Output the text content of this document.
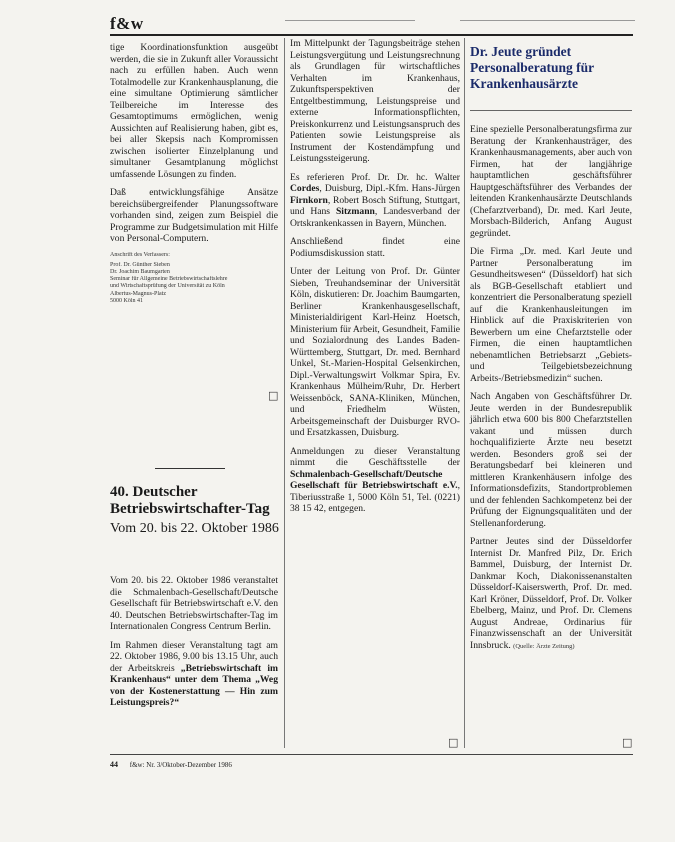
f&w

tige Koordinationsfunktion ausgeübt werden, die sie in Zukunft aller Voraussicht nach zu erfüllen haben. Auch wenn Totalmodelle zur Krankenhausplanung, die eine simultane Optimierung sämtlicher Teilbereiche im Interesse des Gesamtoptimums ermöglichen, wenig Aussichten auf Realisierung haben, gibt es, bei aller Skepsis nach Kompromissen zwischen isolierter Einzelplanung und simultaner Gesamtplanung möglichst umfassende Lösungen zu finden.

Daß entwicklungsfähige Ansätze bereichsübergreifender Planungssoftware vorhanden sind, zeigen zum Beispiel die Programme zur Budgetsimulation mit Hilfe von Personal-Computern.

Anschrift des Verfassers:
Prof. Dr. Günther Sieben
Dr. Joachim Baumgarten
Seminar für Allgemeine Betriebswirtschaftslehre
und Wirtschaftsprüfung der Universität zu Köln
Albertus-Magnus-Platz
5000 Köln 41
□
40. Deutscher Betriebswirtschafter-Tag
Vom 20. bis 22. Oktober 1986

Vom 20. bis 22. Oktober 1986 veranstaltet die Schmalenbach-Gesellschaft/Deutsche Gesellschaft für Betriebswirtschaft e.V. den 40. Deutschen Betriebswirtschafter-Tag im Internationalen Congress Centrum Berlin.

Im Rahmen dieser Veranstaltung tagt am 22. Oktober 1986, 9.00 bis 13.15 Uhr, auch der Arbeitskreis „Betriebswirtschaft im Krankenhaus“ unter dem Thema „Weg von der Kostenerstattung — Hin zum Leistungspreis?“

Im Mittelpunkt der Tagungsbeiträge stehen Leistungsvergütung und Leistungsrechnung als Grundlagen für wirtschaftliches Verhalten im Krankenhaus, Zukunftsperspektiven der Entgeltbestimmung, Leistungspreise und externe Informationspflichten, Preiskonkurrenz und Leistungsanspruch des Patienten sowie Leistungspreise als Instrument der Kostendämpfung und Leistungssteigerung.

Es referieren Prof. Dr. Dr. hc. Walter Cordes, Duisburg, Dipl.-Kfm. Hans-Jürgen Firnkorn, Robert Bosch Stiftung, Stuttgart, und Hans Sitzmann, Landesverband der Ortskrankenkassen in Bayern, München.

Anschließend findet eine Podiumsdiskussion statt.

Unter der Leitung von Prof. Dr. Günter Sieben, Treuhandseminar der Universität Köln, diskutieren: Dr. Joachim Baumgarten, Berliner Krankenhausgesellschaft, Ministerialdirigent Karl-Heinz Hoetsch, Ministerium für Arbeit, Gesundheit, Familie und Sozialordnung des Landes Baden-Württemberg, Stuttgart, Dr. med. Bernhard Unkel, St.-Marien-Hospital Gelsenkirchen, Dipl.-Verwaltungswirt Volkmar Spira, Ev. Krankenhaus Mülheim/Ruhr, Dr. Herbert Weissenböck, SANA-Kliniken, München, und Friedhelm Wüsten, Arbeitsgemeinschaft der Duisburger RVO- und Ersatzkassen, Duisburg.

Anmeldungen zu dieser Veranstaltung nimmt die Geschäftsstelle der Schmalenbach-Gesellschaft/Deutsche Gesellschaft für Betriebswirtschaft e.V., Tiberiusstraße 1, 5000 Köln 51, Tel. (0221) 38 15 42, entgegen.

□
Dr. Jeute gründet Personalberatung für Krankenhausärzte

Eine spezielle Personalberatungsfirma zur Beratung der Krankenhausträger, des Krankenhausmanagements, aber auch von Firmen, hat der langjährige hauptamtlichen geschäftsführer Hauptgeschäftsführer des Verbandes der leitenden Krankenhausärzte Deutschlands (Chefarztverband), Dr. med. Karl Jeute, Morsbach-Bilderich, Anfang August gegründet.

Die Firma „Dr. med. Karl Jeute und Partner Personalberatung im Gesundheitswesen“ (Düsseldorf) hat sich als BGB-Gesellschaft etabliert und konzentriert die Personalberatung speziell auf die Krankenhausleitungen im Hinblick auf die Praxiskriterien von Bewerbern um eine Chefarztstelle oder Firmen, die einen hauptamtlichen nebenamtlichen Betriebsarzt „Gebiets- und Teilgebietsbezeichnung Arbeits-/Betriebsmedizin“ suchen.

Nach Angaben von Geschäftsführer Dr. Jeute werden in der Bundesrepublik jährlich etwa 600 bis 800 Chefarztstellen vakant und müssen durch hochqualifizierte Ärzte neu besetzt werden. Besonders groß sei der Beratungsbedarf bei kleineren und mittleren Krankenhäusern infolge des Informationsdefizits, Standortproblemen und der fehlenden Sachkompetenz bei der Prüfung der Eignungsqualitäten und der Stellenanforderung.

Partner Jeutes sind der Düsseldorfer Internist Dr. Manfred Pilz, Dr. Erich Bammel, Duisburg, der Internist Dr. Dankmar Koch, Diakonissenanstalten Düsseldorf-Kaiserswerth, Prof. Dr. med. Karl Kröner, Düsseldorf, Prof. Dr. Volker Ebelberg, Mainz, und Prof. Dr. Clemens August Andreae, Ordinarius für Finanzwissenschaft an der Universität Innsbruck. (Quelle: Ärzte Zeitung)

□
44 f&w: Nr. 3/Oktober-Dezember 1986
